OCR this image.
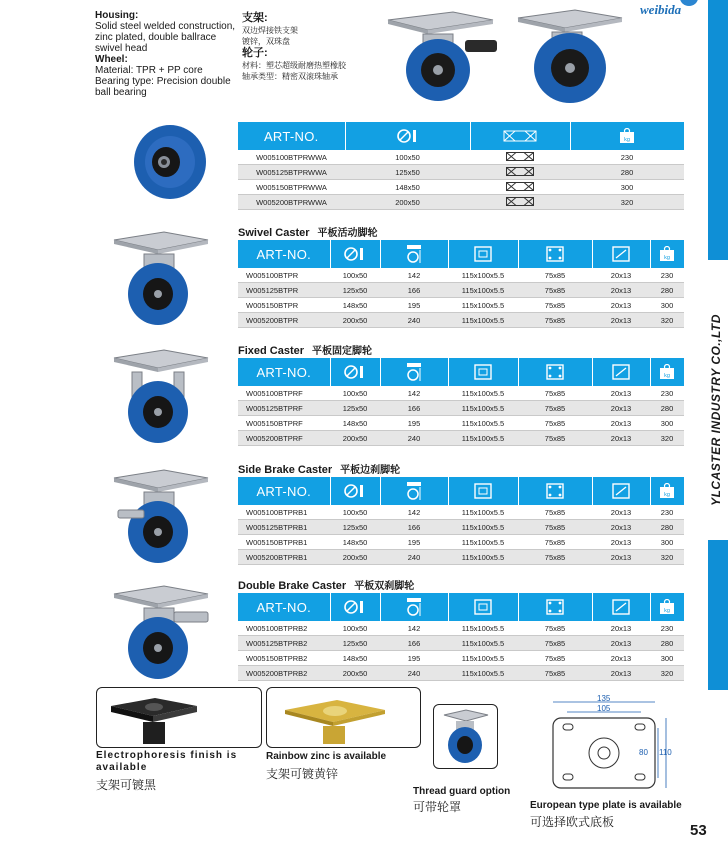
YLCASTER INDUSTRY CO.,LTD
53
weibida
Housing:
Solid steel welded construction, zinc plated, double ballrace swivel head
Wheel:
Material: TPR + PP core
Bearing type: Precision double ball bearing
支架:
双边焊接铁支架
镀锌，双珠盘
轮子:
材料：塑芯超级耐磨热塑橡胶
轴承类型：精密双滚珠轴承
ART-NO.			kg

W005100BTPRWWA	100x50		230
W005125BTPRWWA	125x50		280
W005150BTPRWWA	148x50		300
W005200BTPRWWA	200x50		320
Swivel Caster 平板活动脚轮
ART-NO.						kg

W005100BTPR	100x50	142	115x100x5.5	75x85	20x13	230
W005125BTPR	125x50	166	115x100x5.5	75x85	20x13	280
W005150BTPR	148x50	195	115x100x5.5	75x85	20x13	300
W005200BTPR	200x50	240	115x100x5.5	75x85	20x13	320
Fixed Caster 平板固定脚轮
ART-NO.						kg

W005100BTPRF	100x50	142	115x100x5.5	75x85	20x13	230
W005125BTPRF	125x50	166	115x100x5.5	75x85	20x13	280
W005150BTPRF	148x50	195	115x100x5.5	75x85	20x13	300
W005200BTPRF	200x50	240	115x100x5.5	75x85	20x13	320
Side Brake Caster 平板边刹脚轮
ART-NO.						kg

W005100BTPRB1	100x50	142	115x100x5.5	75x85	20x13	230
W005125BTPRB1	125x50	166	115x100x5.5	75x85	20x13	280
W005150BTPRB1	148x50	195	115x100x5.5	75x85	20x13	300
W005200BTPRB1	200x50	240	115x100x5.5	75x85	20x13	320
Double Brake Caster 平板双刹脚轮
ART-NO.						kg

W005100BTPRB2	100x50	142	115x100x5.5	75x85	20x13	230
W005125BTPRB2	125x50	166	115x100x5.5	75x85	20x13	280
W005150BTPRB2	148x50	195	115x100x5.5	75x85	20x13	300
W005200BTPRB2	200x50	240	115x100x5.5	75x85	20x13	320
Electrophoresis finish is available
支架可镀黑
Rainbow zinc is available
支架可镀黄锌
Thread guard option
可带轮罩
135
105
80 110
European type plate is available
可选择欧式底板
